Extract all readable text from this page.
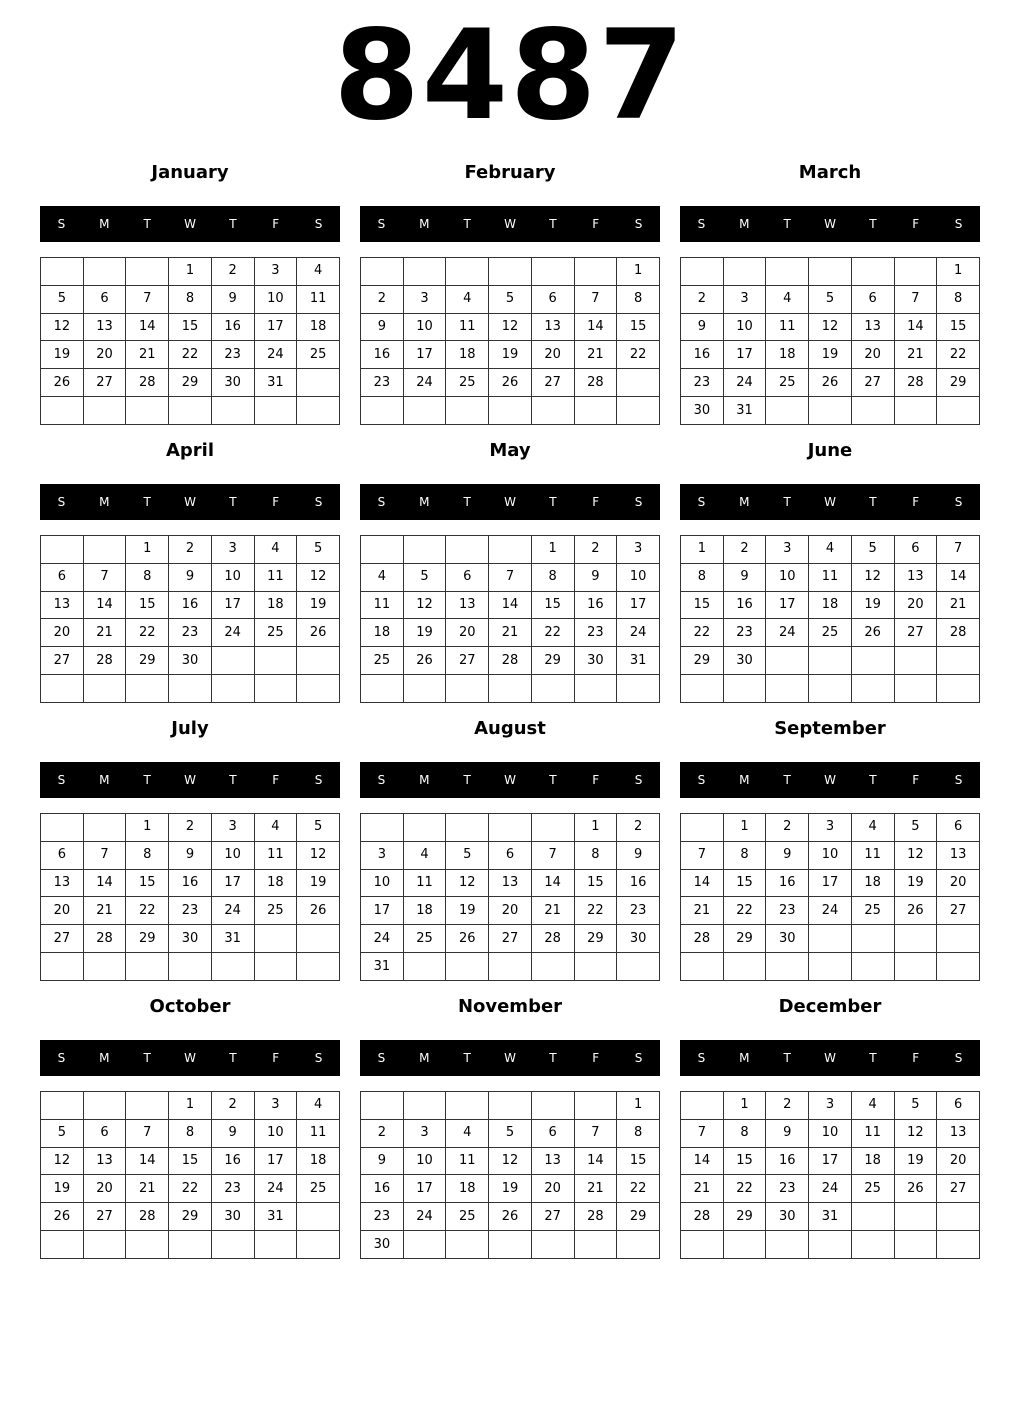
8487
January
S	M	T	W	T	F	S
			1	2	3	4
5	6	7	8	9	10	11
12	13	14	15	16	17	18
19	20	21	22	23	24	25
26	27	28	29	30	31	

February
S	M	T	W	T	F	S
						1
2	3	4	5	6	7	8
9	10	11	12	13	14	15
16	17	18	19	20	21	22
23	24	25	26	27	28	

March
S	M	T	W	T	F	S
						1
2	3	4	5	6	7	8
9	10	11	12	13	14	15
16	17	18	19	20	21	22
23	24	25	26	27	28	29
30	31					
April
S	M	T	W	T	F	S
		1	2	3	4	5
6	7	8	9	10	11	12
13	14	15	16	17	18	19
20	21	22	23	24	25	26
27	28	29	30			

May
S	M	T	W	T	F	S
				1	2	3
4	5	6	7	8	9	10
11	12	13	14	15	16	17
18	19	20	21	22	23	24
25	26	27	28	29	30	31

June
S	M	T	W	T	F	S
1	2	3	4	5	6	7
8	9	10	11	12	13	14
15	16	17	18	19	20	21
22	23	24	25	26	27	28
29	30					

July
S	M	T	W	T	F	S
		1	2	3	4	5
6	7	8	9	10	11	12
13	14	15	16	17	18	19
20	21	22	23	24	25	26
27	28	29	30	31		

August
S	M	T	W	T	F	S
					1	2
3	4	5	6	7	8	9
10	11	12	13	14	15	16
17	18	19	20	21	22	23
24	25	26	27	28	29	30
31						
September
S	M	T	W	T	F	S
	1	2	3	4	5	6
7	8	9	10	11	12	13
14	15	16	17	18	19	20
21	22	23	24	25	26	27
28	29	30				

October
S	M	T	W	T	F	S
			1	2	3	4
5	6	7	8	9	10	11
12	13	14	15	16	17	18
19	20	21	22	23	24	25
26	27	28	29	30	31	

November
S	M	T	W	T	F	S
						1
2	3	4	5	6	7	8
9	10	11	12	13	14	15
16	17	18	19	20	21	22
23	24	25	26	27	28	29
30						
December
S	M	T	W	T	F	S
	1	2	3	4	5	6
7	8	9	10	11	12	13
14	15	16	17	18	19	20
21	22	23	24	25	26	27
28	29	30	31			
